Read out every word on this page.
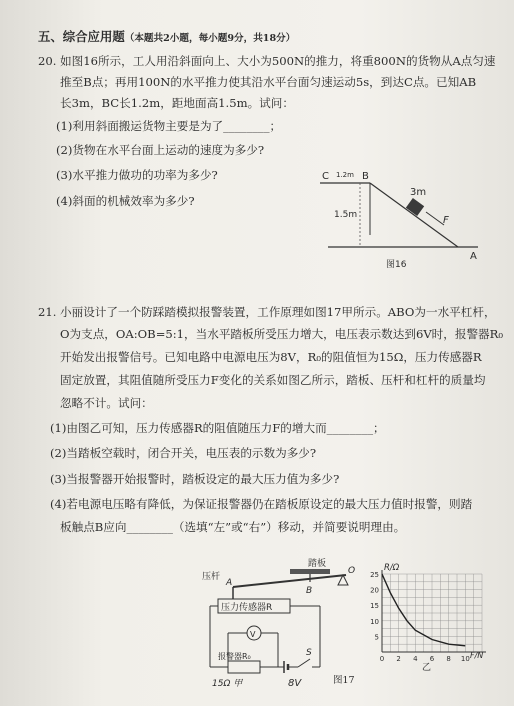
五、综合应用题（本题共2小题，每小题9分，共18分）
20. 如图16所示，工人用沿斜面向上、大小为500N的推力，将重800N的货物从A点匀速
推至B点；再用100N的水平推力使其沿水平台面匀速运动5s，到达C点。已知AB
长3m，BC长1.2m，距地面高1.5m。试问：
(1)利用斜面搬运货物主要是为了________；
(2)货物在水平台面上运动的速度为多少?
(3)水平推力做功的功率为多少?
(4)斜面的机械效率为多少?
C 1.2m B
3m
F
1.5m
A
图16
21. 小丽设计了一个防踩踏模拟报警装置，工作原理如图17甲所示。ABO为一水平杠杆，
O为支点，OA:OB=5:1，当水平踏板所受压力增大，电压表示数达到6V时，报警器R₀
开始发出报警信号。已知电路中电源电压为8V，R₀的阻值恒为15Ω，压力传感器R
固定放置，其阻值随所受压力F变化的关系如图乙所示，踏板、压杆和杠杆的质量均
忽略不计。试问：
(1)由图乙可知，压力传感器R的阻值随压力F的增大而________；
(2)当踏板空载时，闭合开关，电压表的示数为多少?
(3)当报警器开始报警时，踏板设定的最大压力值为多少?
(4)若电源电压略有降低，为保证报警器仍在踏板原设定的最大压力值时报警，则踏
板触点B应向________（选填“左”或“右”）移动，并简要说明理由。
压杆
A
踏板
B
O
压力传感器R
V
S
报警器R₀
15Ω 甲	8V	图17
25
20
15
10
5
0 2 4 6 8 10
R/Ω
F/N
乙
